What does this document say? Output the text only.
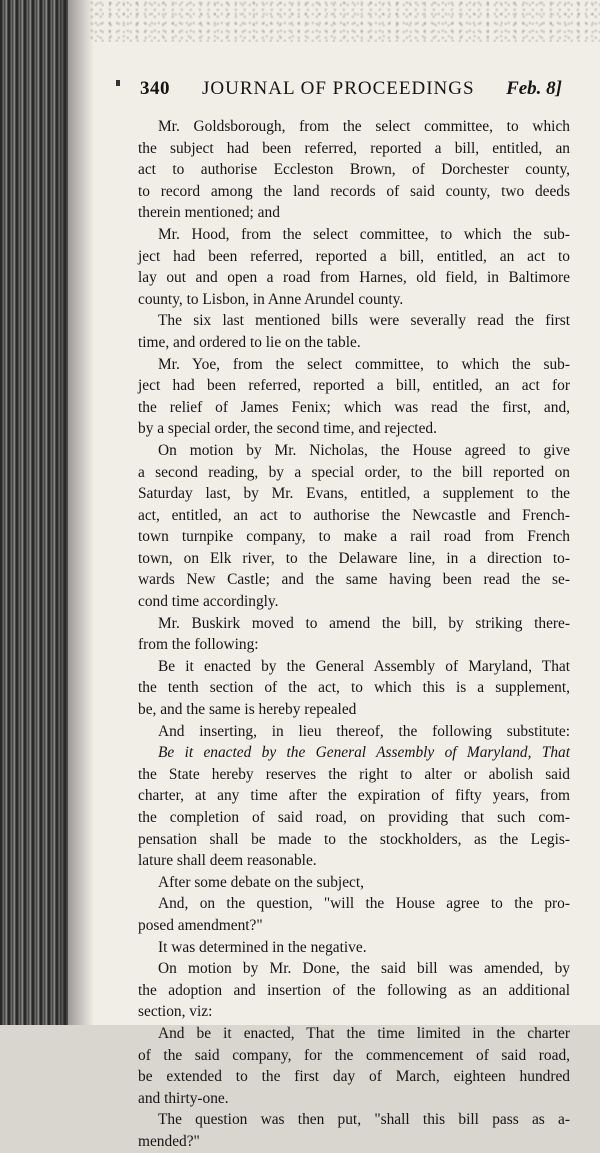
340 JOURNAL OF PROCEEDINGS Feb. 8]
Mr. Goldsborough, from the select committee, to which
the subject had been referred, reported a bill, entitled, an
act to authorise Eccleston Brown, of Dorchester county,
to record among the land records of said county, two deeds
therein mentioned; and
Mr. Hood, from the select committee, to which the sub-
ject had been referred, reported a bill, entitled, an act to
lay out and open a road from Harnes, old field, in Baltimore
county, to Lisbon, in Anne Arundel county.
The six last mentioned bills were severally read the first
time, and ordered to lie on the table.
Mr. Yoe, from the select committee, to which the sub-
ject had been referred, reported a bill, entitled, an act for
the relief of James Fenix; which was read the first, and,
by a special order, the second time, and rejected.
On motion by Mr. Nicholas, the House agreed to give
a second reading, by a special order, to the bill reported on
Saturday last, by Mr. Evans, entitled, a supplement to the
act, entitled, an act to authorise the Newcastle and French-
town turnpike company, to make a rail road from French
town, on Elk river, to the Delaware line, in a direction to-
wards New Castle; and the same having been read the se-
cond time accordingly.
Mr. Buskirk moved to amend the bill, by striking there-
from the following:
Be it enacted by the General Assembly of Maryland, That
the tenth section of the act, to which this is a supplement,
be, and the same is hereby repealed
And inserting, in lieu thereof, the following substitute:
Be it enacted by the General Assembly of Maryland, That
the State hereby reserves the right to alter or abolish said
charter, at any time after the expiration of fifty years, from
the completion of said road, on providing that such com-
pensation shall be made to the stockholders, as the Legis-
lature shall deem reasonable.
After some debate on the subject,
And, on the question, "will the House agree to the pro-
posed amendment?"
It was determined in the negative.
On motion by Mr. Done, the said bill was amended, by
the adoption and insertion of the following as an additional
section, viz:
And be it enacted, That the time limited in the charter
of the said company, for the commencement of said road,
be extended to the first day of March, eighteen hundred
and thirty-one.
The question was then put, "shall this bill pass as a-
mended?"
